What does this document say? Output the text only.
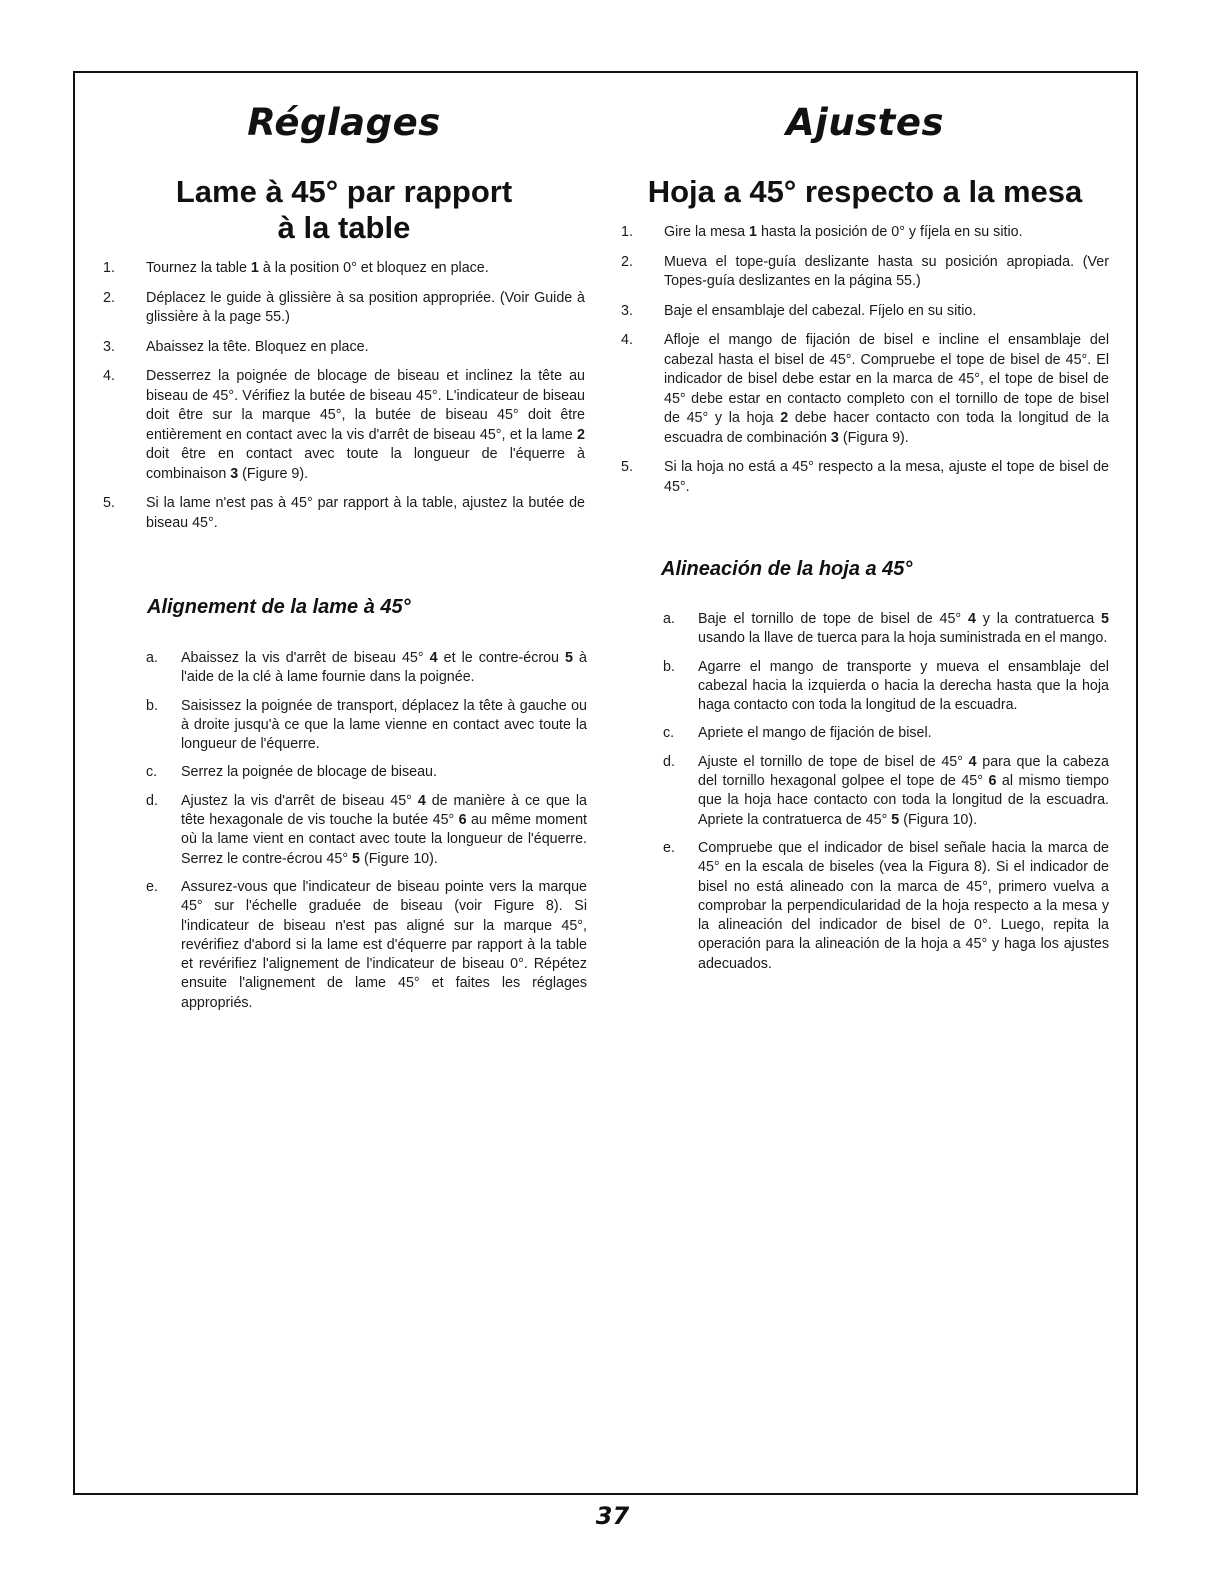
Réglages
Lame à 45° par rapport
à la table
1. Tournez la table 1 à la position 0° et bloquez en place.
2. Déplacez le guide à glissière à sa position appropriée. (Voir Guide à glissière à la page 55.)
3. Abaissez la tête. Bloquez en place.
4. Desserrez la poignée de blocage de biseau et inclinez la tête au biseau de 45°. Vérifiez la butée de biseau 45°. L'indicateur de biseau doit être sur la marque 45°, la butée de biseau 45° doit être entièrement en contact avec la vis d'arrêt de biseau 45°, et la lame 2 doit être en contact avec toute la longueur de l'équerre à combinaison 3 (Figure 9).
5. Si la lame n'est pas à 45° par rapport à la table, ajustez la butée de biseau 45°.
Alignement de la lame à 45°
a. Abaissez la vis d'arrêt de biseau 45° 4 et le contre-écrou 5 à l'aide de la clé à lame fournie dans la poignée.
b. Saisissez la poignée de transport, déplacez la tête à gauche ou à droite jusqu'à ce que la lame vienne en contact avec toute la longueur de l'équerre.
c. Serrez la poignée de blocage de biseau.
d. Ajustez la vis d'arrêt de biseau 45° 4 de manière à ce que la tête hexagonale de vis touche la butée 45° 6 au même moment où la lame vient en contact avec toute la longueur de l'équerre. Serrez le contre-écrou 45° 5 (Figure 10).
e. Assurez-vous que l'indicateur de biseau pointe vers la marque 45° sur l'échelle graduée de biseau (voir Figure 8). Si l'indicateur de biseau n'est pas aligné sur la marque 45°, revérifiez d'abord si la lame est d'équerre par rapport à la table et revérifiez l'alignement de l'indicateur de biseau 0°. Répétez ensuite l'alignement de lame 45° et faites les réglages appropriés.
Ajustes
Hoja a 45° respecto a la mesa
1. Gire la mesa 1 hasta la posición de 0° y fíjela en su sitio.
2. Mueva el tope-guía deslizante hasta su posición apropiada. (Ver Topes-guía deslizantes en la página 55.)
3. Baje el ensamblaje del cabezal. Fíjelo en su sitio.
4. Afloje el mango de fijación de bisel e incline el ensamblaje del cabezal hasta el bisel de 45°. Compruebe el tope de bisel de 45°. El indicador de bisel debe estar en la marca de 45°, el tope de bisel de 45° debe estar en contacto completo con el tornillo de tope de bisel de 45° y la hoja 2 debe hacer contacto con toda la longitud de la escuadra de combinación 3 (Figura 9).
5. Si la hoja no está a 45° respecto a la mesa, ajuste el tope de bisel de 45°.
Alineación de la hoja a 45°
a. Baje el tornillo de tope de bisel de 45° 4 y la contratuerca 5 usando la llave de tuerca para la hoja suministrada en el mango.
b. Agarre el mango de transporte y mueva el ensamblaje del cabezal hacia la izquierda o hacia la derecha hasta que la hoja haga contacto con toda la longitud de la escuadra.
c. Apriete el mango de fijación de bisel.
d. Ajuste el tornillo de tope de bisel de 45° 4 para que la cabeza del tornillo hexagonal golpee el tope de 45° 6 al mismo tiempo que la hoja hace contacto con toda la longitud de la escuadra. Apriete la contratuerca de 45° 5 (Figura 10).
e. Compruebe que el indicador de bisel señale hacia la marca de 45° en la escala de biseles (vea la Figura 8). Si el indicador de bisel no está alineado con la marca de 45°, primero vuelva a comprobar la perpendicularidad de la hoja respecto a la mesa y la alineación del indicador de bisel de 0°. Luego, repita la operación para la alineación de la hoja a 45° y haga los ajustes adecuados.
37
